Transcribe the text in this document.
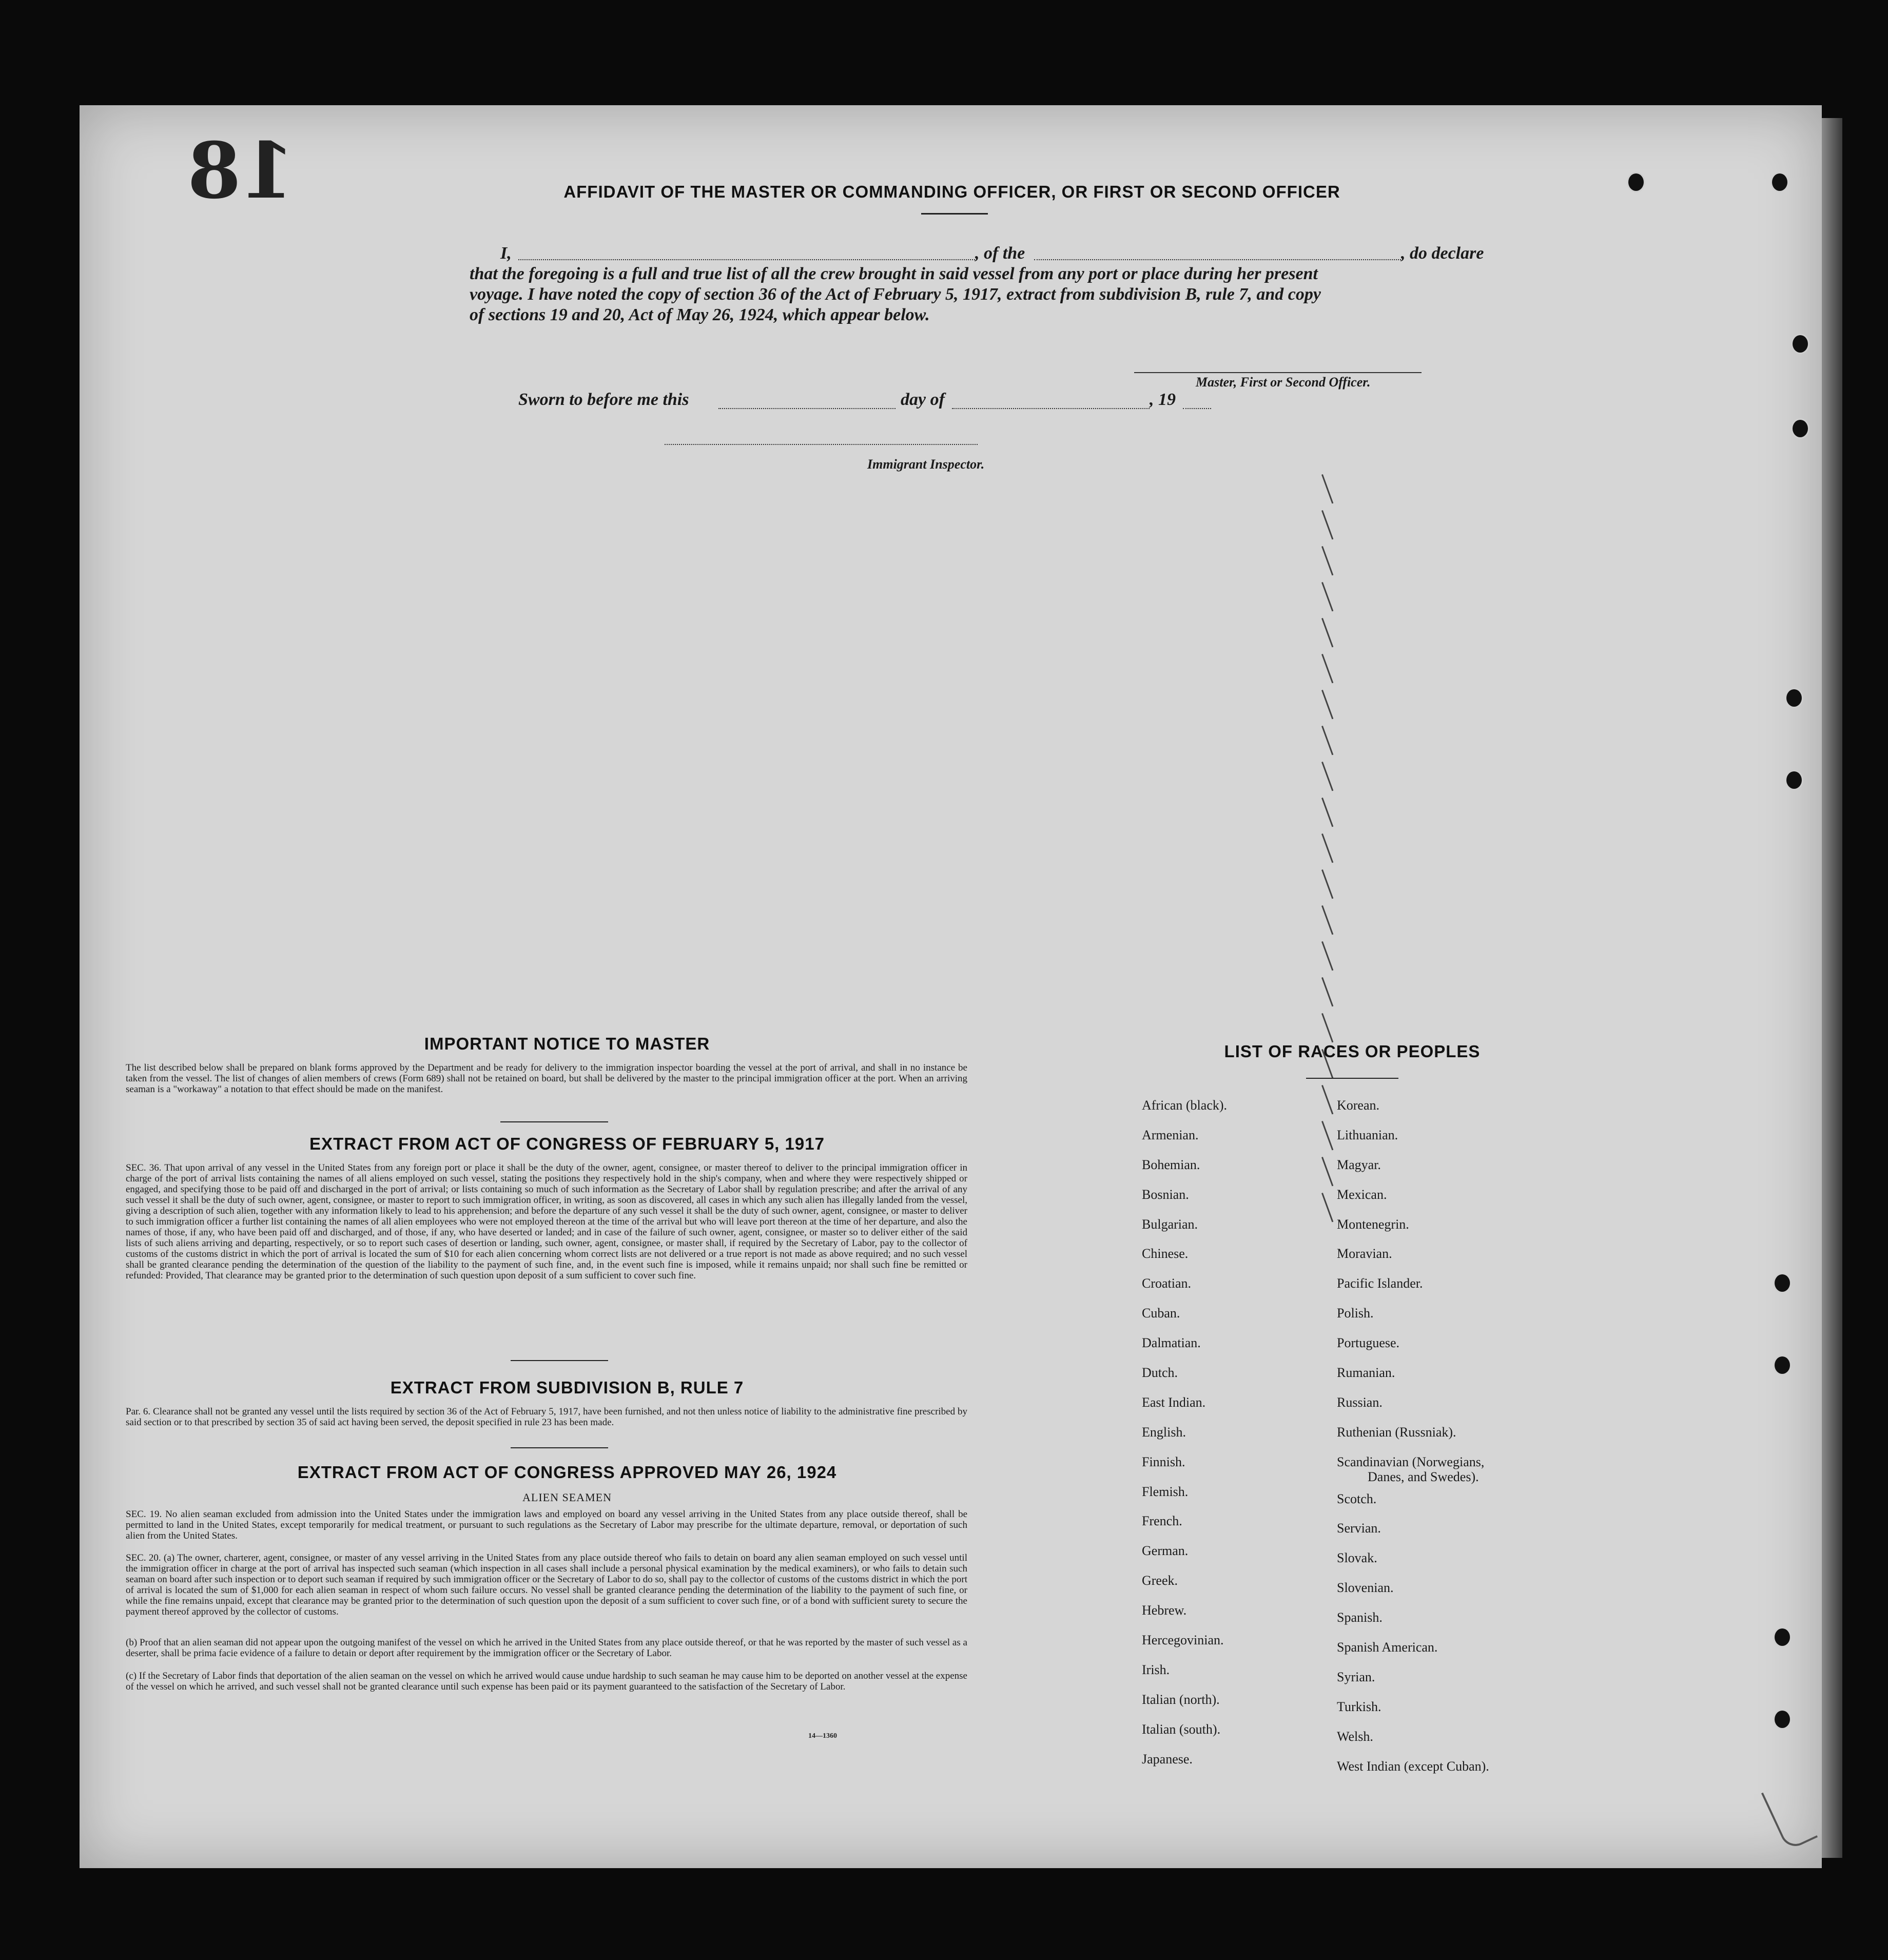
18	AFFIDAVIT OF THE MASTER OR COMMANDING OFFICER, OR FIRST OR SECOND OFFICER
I,	, of the	, do declare
that the foregoing is a full and true list of all the crew brought in said vessel from any port or place during her present
voyage. I have noted the copy of section 36 of the Act of February 5, 1917, extract from subdivision B, rule 7, and copy
of sections 19 and 20, Act of May 26, 1924, which appear below.
Master, First or Second Officer.
Sworn to before me this	day of	, 19
Immigrant Inspector.
IMPORTANT NOTICE TO MASTER
The list described below shall be prepared on blank forms approved by the Department and be ready for delivery to the immigration inspector boarding the vessel at the port of arrival, and shall in no instance be taken from the vessel. The list of changes of alien members of crews (Form 689) shall not be retained on board, but shall be delivered by the master to the principal immigration officer at the port. When an arriving seaman is a "workaway" a notation to that effect should be made on the manifest.
EXTRACT FROM ACT OF CONGRESS OF FEBRUARY 5, 1917
SEC. 36. That upon arrival of any vessel in the United States from any foreign port or place it shall be the duty of the owner, agent, consignee, or master thereof to deliver to the principal immigration officer in charge of the port of arrival lists containing the names of all aliens employed on such vessel, stating the positions they respectively hold in the ship's company, when and where they were respectively shipped or engaged, and specifying those to be paid off and discharged in the port of arrival; or lists containing so much of such information as the Secretary of Labor shall by regulation prescribe; and after the arrival of any such vessel it shall be the duty of such owner, agent, consignee, or master to report to such immigration officer, in writing, as soon as discovered, all cases in which any such alien has illegally landed from the vessel, giving a description of such alien, together with any information likely to lead to his apprehension; and before the departure of any such vessel it shall be the duty of such owner, agent, consignee, or master to deliver to such immigration officer a further list containing the names of all alien employees who were not employed thereon at the time of the arrival but who will leave port thereon at the time of her departure, and also the names of those, if any, who have been paid off and discharged, and of those, if any, who have deserted or landed; and in case of the failure of such owner, agent, consignee, or master so to deliver either of the said lists of such aliens arriving and departing, respectively, or so to report such cases of desertion or landing, such owner, agent, consignee, or master shall, if required by the Secretary of Labor, pay to the collector of customs of the customs district in which the port of arrival is located the sum of $10 for each alien concerning whom correct lists are not delivered or a true report is not made as above required; and no such vessel shall be granted clearance pending the determination of the question of the liability to the payment of such fine, and, in the event such fine is imposed, while it remains unpaid; nor shall such fine be remitted or refunded: Provided, That clearance may be granted prior to the determination of such question upon deposit of a sum sufficient to cover such fine.
EXTRACT FROM SUBDIVISION B, RULE 7
Par. 6. Clearance shall not be granted any vessel until the lists required by section 36 of the Act of February 5, 1917, have been furnished, and not then unless notice of liability to the administrative fine prescribed by said section or to that prescribed by section 35 of said act having been served, the deposit specified in rule 23 has been made.
EXTRACT FROM ACT OF CONGRESS APPROVED MAY 26, 1924
ALIEN SEAMEN
SEC. 19. No alien seaman excluded from admission into the United States under the immigration laws and employed on board any vessel arriving in the United States from any place outside thereof, shall be permitted to land in the United States, except temporarily for medical treatment, or pursuant to such regulations as the Secretary of Labor may prescribe for the ultimate departure, removal, or deportation of such alien from the United States.
SEC. 20. (a) The owner, charterer, agent, consignee, or master of any vessel arriving in the United States from any place outside thereof who fails to detain on board any alien seaman employed on such vessel until the immigration officer in charge at the port of arrival has inspected such seaman (which inspection in all cases shall include a personal physical examination by the medical examiners), or who fails to detain such seaman on board after such inspection or to deport such seaman if required by such immigration officer or the Secretary of Labor to do so, shall pay to the collector of customs of the customs district in which the port of arrival is located the sum of $1,000 for each alien seaman in respect of whom such failure occurs. No vessel shall be granted clearance pending the determination of the liability to the payment of such fine, or while the fine remains unpaid, except that clearance may be granted prior to the determination of such question upon the deposit of a sum sufficient to cover such fine, or of a bond with sufficient surety to secure the payment thereof approved by the collector of customs.
(b) Proof that an alien seaman did not appear upon the outgoing manifest of the vessel on which he arrived in the United States from any place outside thereof, or that he was reported by the master of such vessel as a deserter, shall be prima facie evidence of a failure to detain or deport after requirement by the immigration officer or the Secretary of Labor.
(c) If the Secretary of Labor finds that deportation of the alien seaman on the vessel on which he arrived would cause undue hardship to such seaman he may cause him to be deported on another vessel at the expense of the vessel on which he arrived, and such vessel shall not be granted clearance until such expense has been paid or its payment guaranteed to the satisfaction of the Secretary of Labor.
14—1360
LIST OF RACES OR PEOPLES
African (black).
Armenian.
Bohemian.
Bosnian.
Bulgarian.
Chinese.
Croatian.
Cuban.
Dalmatian.
Dutch.
East Indian.
English.
Finnish.
Flemish.
French.
German.
Greek.
Hebrew.
Hercegovinian.
Irish.
Italian (north).
Italian (south).
Japanese.
Korean.
Lithuanian.
Magyar.
Mexican.
Montenegrin.
Moravian.
Pacific Islander.
Polish.
Portuguese.
Rumanian.
Russian.
Ruthenian (Russniak).
Scandinavian (Norwegians,
Danes, and Swedes).
Scotch.
Servian.
Slovak.
Slovenian.
Spanish.
Spanish American.
Syrian.
Turkish.
Welsh.
West Indian (except Cuban).
